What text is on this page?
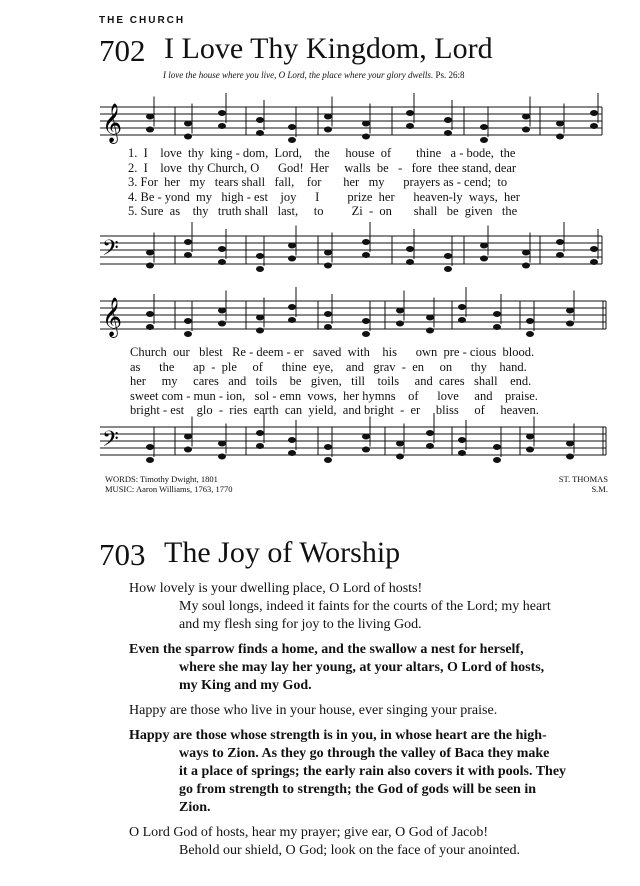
THE CHURCH
702 I Love Thy Kingdom, Lord
I love the house where you live, O Lord, the place where your glory dwells. Ps. 26:8
𝄞
𝄢
𝄞
𝄢
1.  I    love  thy  king - dom,  Lord,    the     house  of        thine   a - bode,  the
2.  I    love  thy Church, O      God!  Her     walls  be   -   fore  thee stand, dear
3. For  her   my   tears shall   fall,    for       her   my      prayers as - cend;  to
4. Be - yond  my   high - est    joy      I         prize  her      heaven-ly  ways,  her
5. Sure  as    thy   truth shall   last,     to         Zi  -  on       shall   be  given   the
Church  our   blest   Re - deem - er   saved  with    his      own  pre - cious  blood.
as      the      ap  -  ple     of      thine  eye,    and   grav  -  en     on      thy    hand.
her     my     cares   and   toils    be   given,   till    toils     and  cares   shall    end.
sweet com - mun - ion,   sol - emn  vows,  her hymns    of      love     and    praise.
bright - est    glo  -  ries  earth  can  yield,  and bright  -  er     bliss     of     heaven.
WORDS: Timothy Dwight, 1801
MUSIC: Aaron Williams, 1763, 1770
ST. THOMAS
S.M.
703 The Joy of Worship
How lovely is your dwelling place, O Lord of hosts!
My soul longs, indeed it faints for the courts of the Lord; my heart
and my flesh sing for joy to the living God.
Even the sparrow finds a home, and the swallow a nest for herself,
where she may lay her young, at your altars, O Lord of hosts,
my King and my God.
Happy are those who live in your house, ever singing your praise.
Happy are those whose strength is in you, in whose heart are the high-
ways to Zion. As they go through the valley of Baca they make
it a place of springs; the early rain also covers it with pools. They
go from strength to strength; the God of gods will be seen in
Zion.
O Lord God of hosts, hear my prayer; give ear, O God of Jacob!
Behold our shield, O God; look on the face of your anointed.
